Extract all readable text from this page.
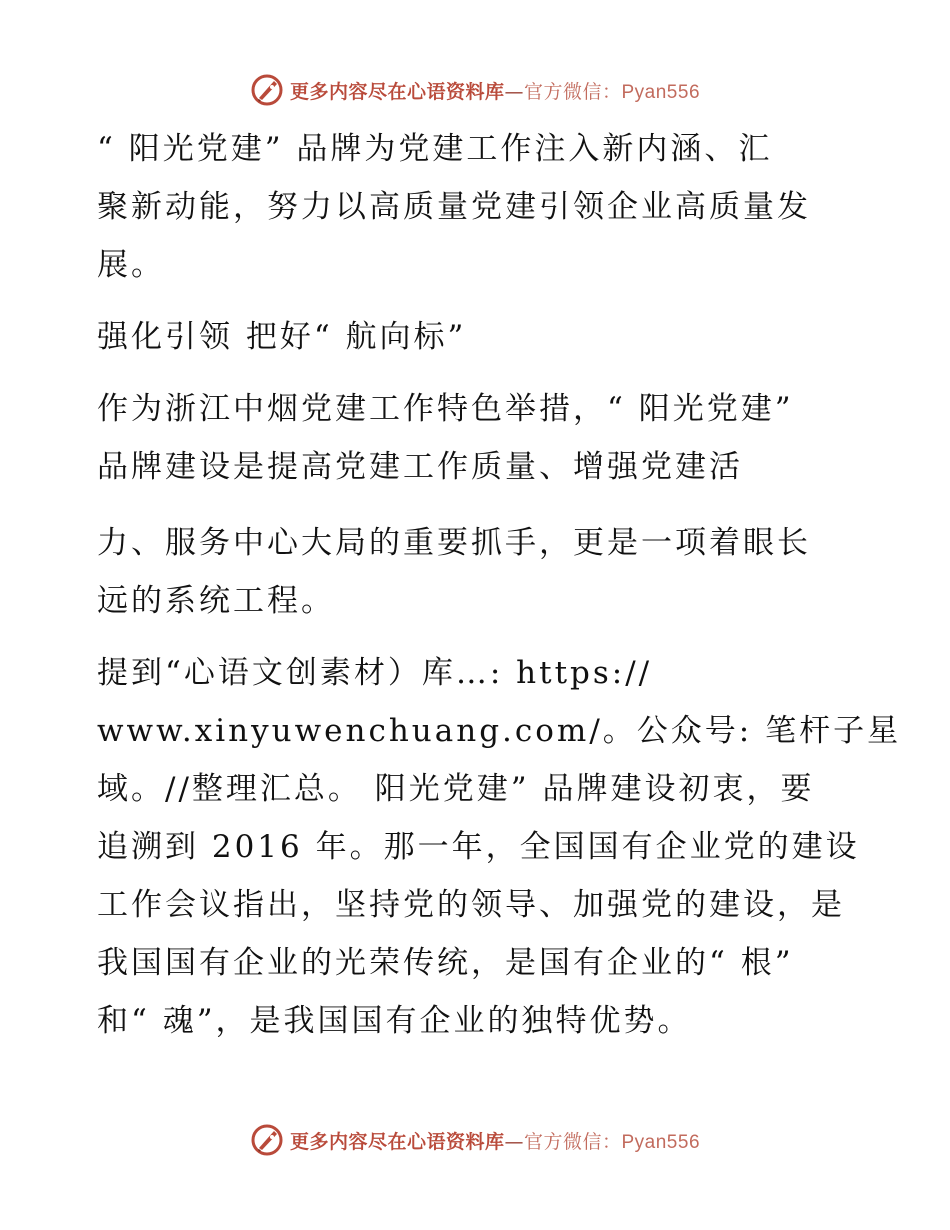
更多内容尽在心语资料库—官方微信：Pyan556
“ 阳光党建” 品牌为党建工作注入新内涵、汇
聚新动能，努力以高质量党建引领企业高质量发
展。
强化引领 把好“ 航向标”
作为浙江中烟党建工作特色举措，“ 阳光党建”
品牌建设是提高党建工作质量、增强党建活
力、服务中心大局的重要抓手，更是一项着眼长
远的系统工程。
提到“心语文创素材）库…: https://
www.xinyuwenchuang.com/。公众号: 笔杆子星
域。//整理汇总。 阳光党建” 品牌建设初衷，要
追溯到 2016 年。那一年，全国国有企业党的建设
工作会议指出，坚持党的领导、加强党的建设，是
我国国有企业的光荣传统，是国有企业的“ 根”
和“ 魂”，是我国国有企业的独特优势。
更多内容尽在心语资料库—官方微信：Pyan556
